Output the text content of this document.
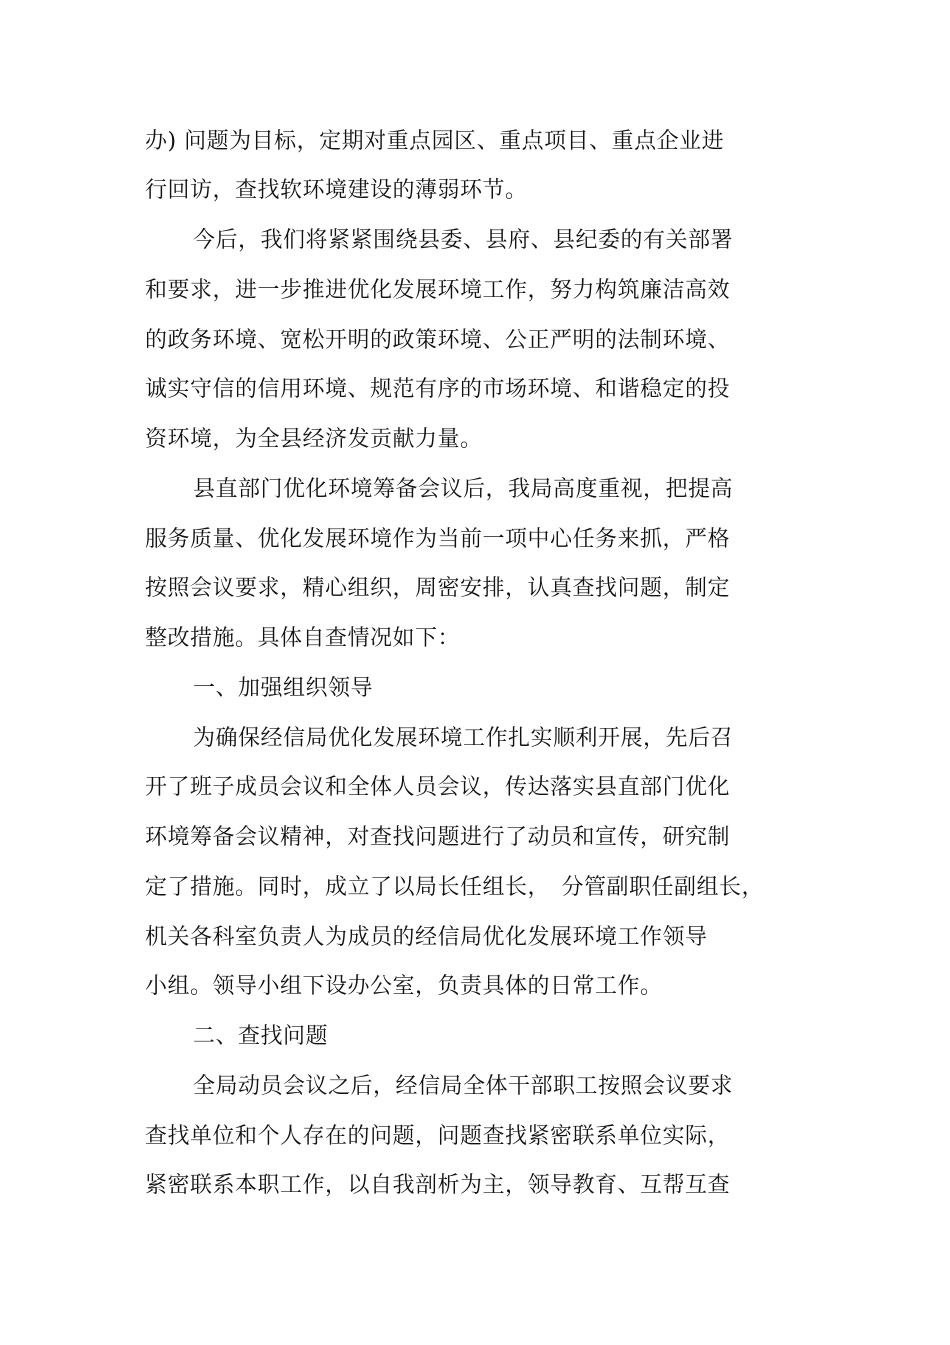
办) 问题为目标，定期对重点园区、重点项目、重点企业进
行回访，查找软环境建设的薄弱环节。
今后，我们将紧紧围绕县委、县府、县纪委的有关部署
和要求，进一步推进优化发展环境工作，努力构筑廉洁高效
的政务环境、宽松开明的政策环境、公正严明的法制环境、
诚实守信的信用环境、规范有序的市场环境、和谐稳定的投
资环境，为全县经济发贡献力量。
县直部门优化环境筹备会议后，我局高度重视，把提高
服务质量、优化发展环境作为当前一项中心任务来抓，严格
按照会议要求，精心组织，周密安排，认真查找问题，制定
整改措施。具体自查情况如下：
一、加强组织领导
为确保经信局优化发展环境工作扎实顺利开展，先后召
开了班子成员会议和全体人员会议，传达落实县直部门优化
环境筹备会议精神，对查找问题进行了动员和宣传，研究制
定了措施。同时，成立了以局长任组长，　分管副职任副组长，
机关各科室负责人为成员的经信局优化发展环境工作领导
小组。领导小组下设办公室，负责具体的日常工作。
二、查找问题
全局动员会议之后，经信局全体干部职工按照会议要求
查找单位和个人存在的问题，问题查找紧密联系单位实际，
紧密联系本职工作，以自我剖析为主，领导教育、互帮互查
